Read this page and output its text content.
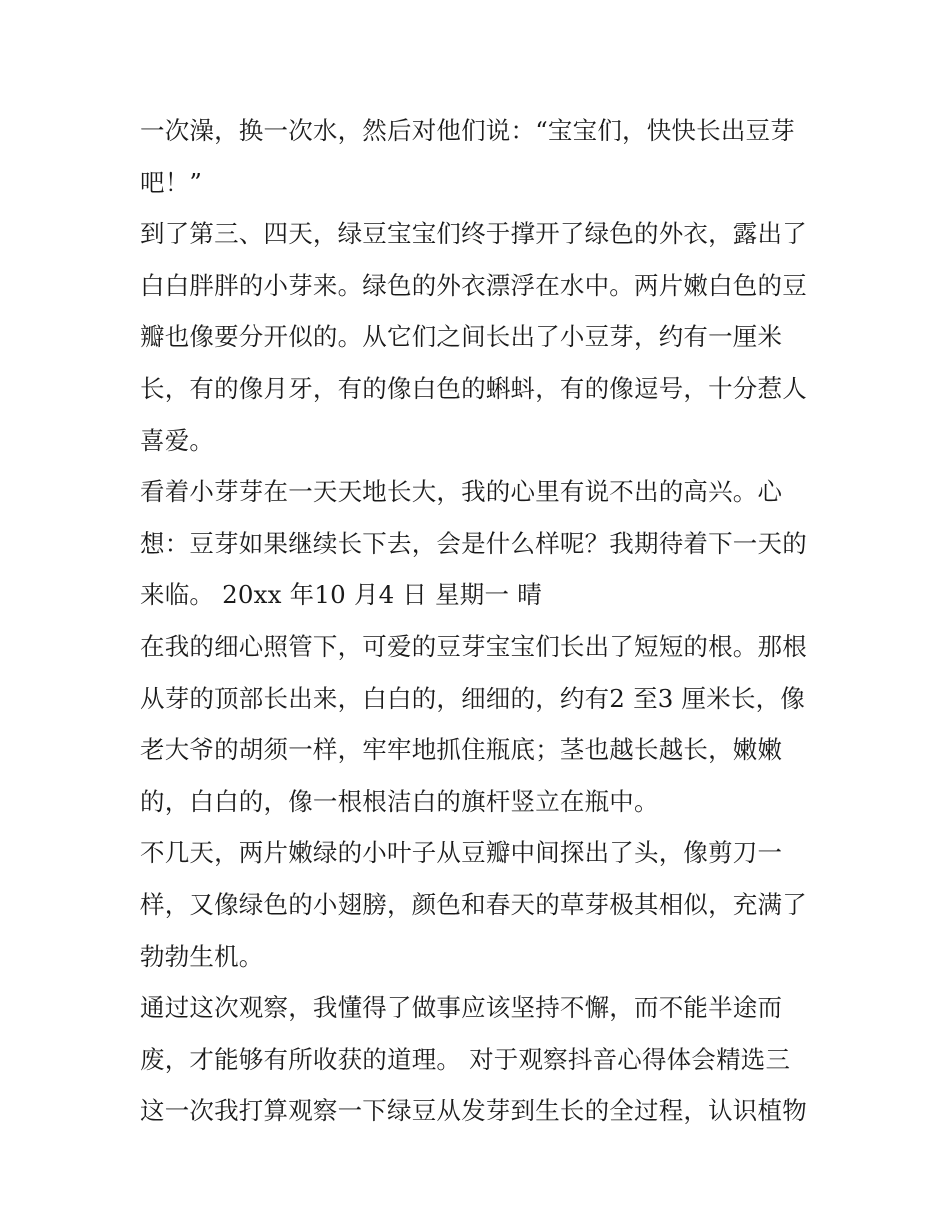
一次澡，换一次水，然后对他们说：“宝宝们，快快长出豆芽吧！”

到了第三、四天，绿豆宝宝们终于撑开了绿色的外衣，露出了白白胖胖的小芽来。绿色的外衣漂浮在水中。两片嫩白色的豆瓣也像要分开似的。从它们之间长出了小豆芽，约有一厘米长，有的像月牙，有的像白色的蝌蚪，有的像逗号，十分惹人喜爱。

看着小芽芽在一天天地长大，我的心里有说不出的高兴。心想：豆芽如果继续长下去，会是什么样呢？我期待着下一天的来临。 20xx 年10 月4 日 星期一 晴

在我的细心照管下，可爱的豆芽宝宝们长出了短短的根。那根从芽的顶部长出来，白白的，细细的，约有2 至3 厘米长，像老大爷的胡须一样，牢牢地抓住瓶底；茎也越长越长，嫩嫩的，白白的，像一根根洁白的旗杆竖立在瓶中。

不几天，两片嫩绿的小叶子从豆瓣中间探出了头，像剪刀一样，又像绿色的小翅膀，颜色和春天的草芽极其相似，充满了勃勃生机。

通过这次观察，我懂得了做事应该坚持不懈，而不能半途而废，才能够有所收获的道理。 对于观察抖音心得体会精选三 这一次我打算观察一下绿豆从发芽到生长的全过程，认识植物
